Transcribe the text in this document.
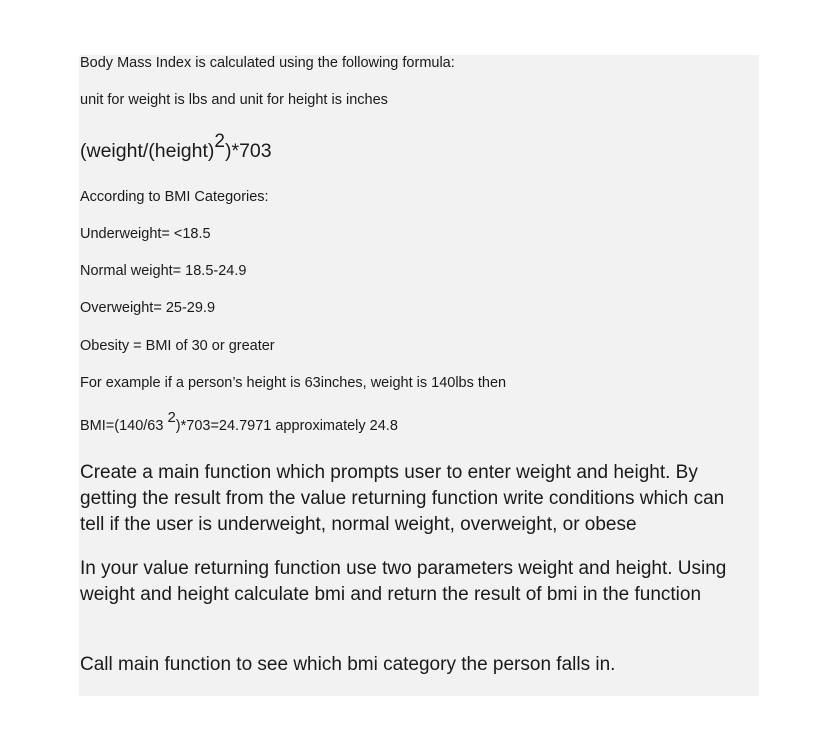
Body Mass Index is calculated using the following formula:

unit for weight is lbs and unit for height is inches

(weight/(height)$^2$)*703

According to BMI Categories:

Underweight= <18.5

Normal weight= 18.5-24.9

Overweight= 25-29.9

Obesity = BMI of 30 or greater

For example if a person’s height is 63inches, weight is 140lbs then

BMI=(140/63 $^2$)*703=24.7971 approximately 24.8

Create a main function which prompts user to enter weight and height. By getting the result from the value returning function write conditions which can tell if the user is underweight, normal weight, overweight, or obese

In your value returning function use two parameters weight and height. Using weight and height calculate bmi and return the result of bmi in the function

Call main function to see which bmi category the person falls in.
